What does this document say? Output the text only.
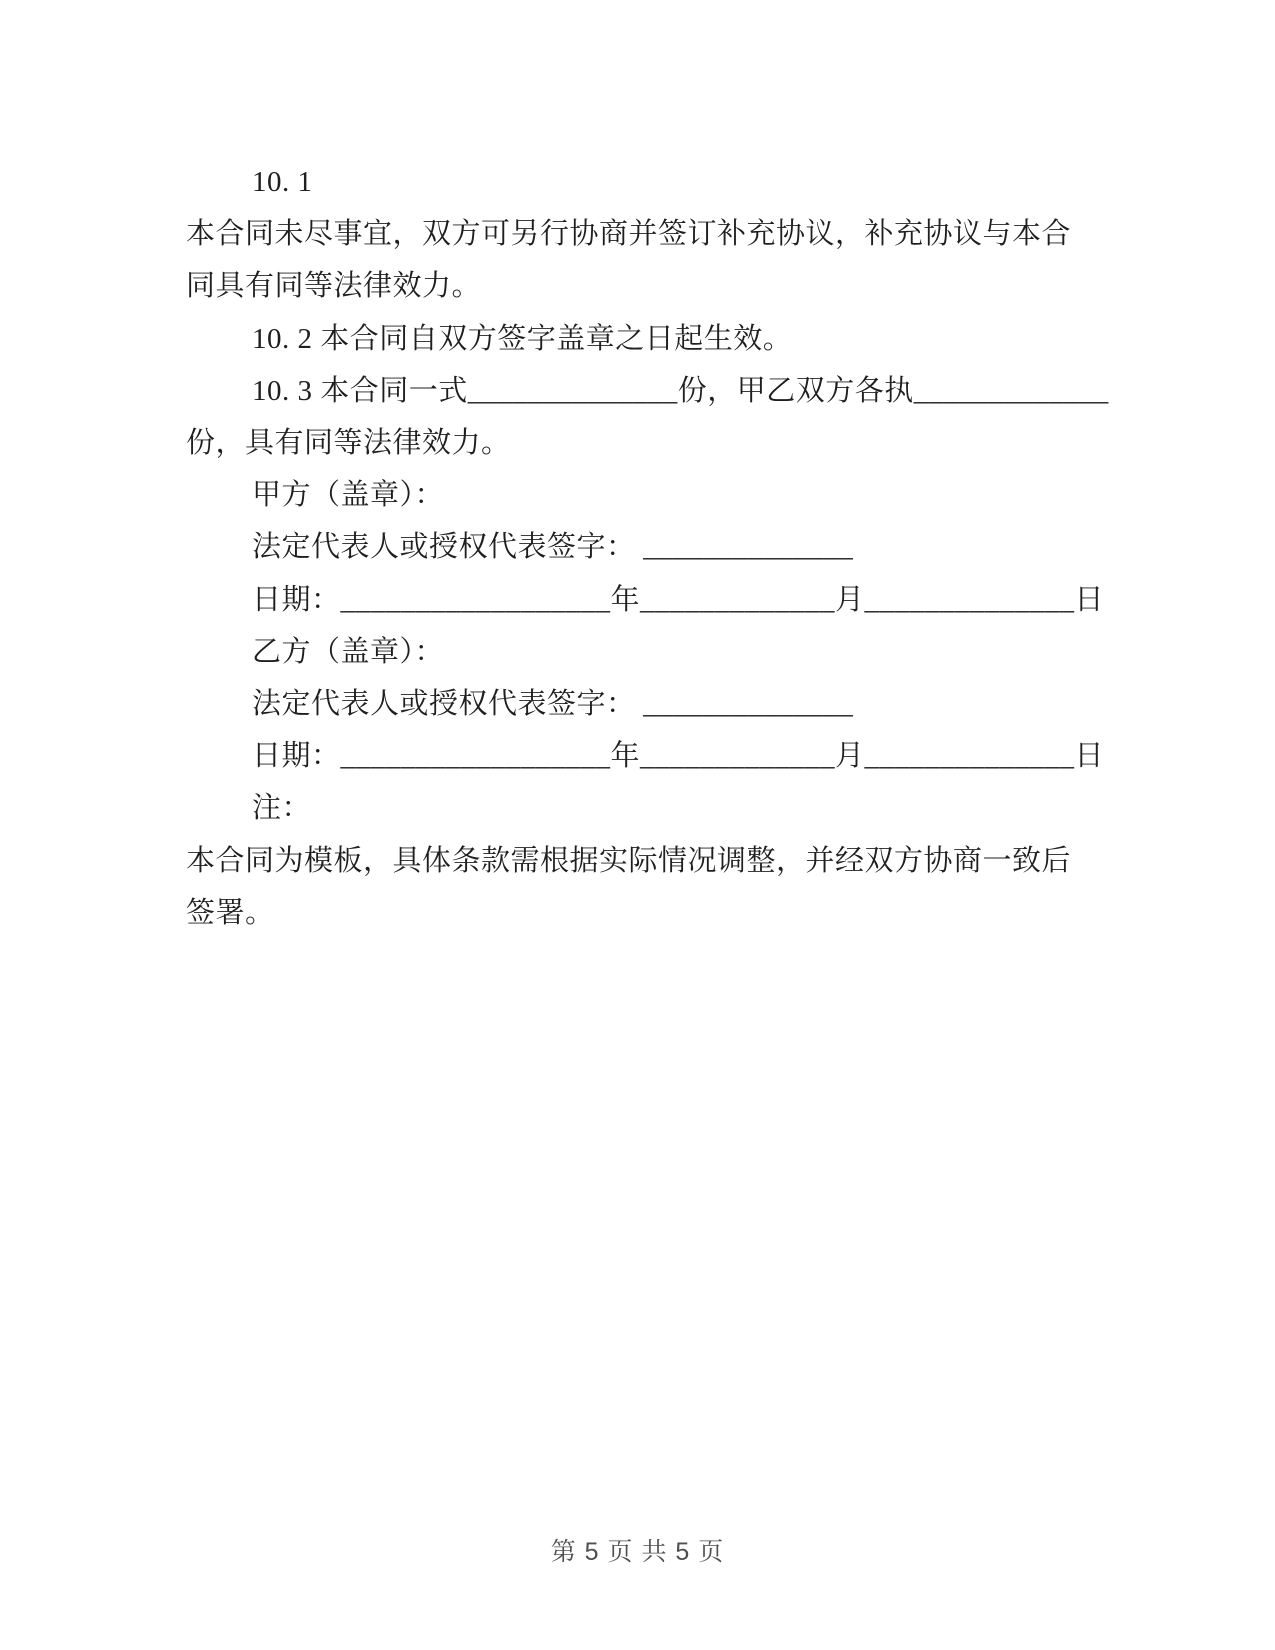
10. 1
本合同未尽事宜，双方可另行协商并签订补充协议，补充协议与本合
同具有同等法律效力。
10. 2 本合同自双方签字盖章之日起生效。
10. 3 本合同一式______________份，甲乙双方各执_____________
份，具有同等法律效力。
甲方（盖章）：
法定代表人或授权代表签字： ______________
日期：__________________年_____________月______________日
乙方（盖章）：
法定代表人或授权代表签字： ______________
日期：__________________年_____________月______________日
注：
本合同为模板，具体条款需根据实际情况调整，并经双方协商一致后
签署。
第 5 页 共 5 页
